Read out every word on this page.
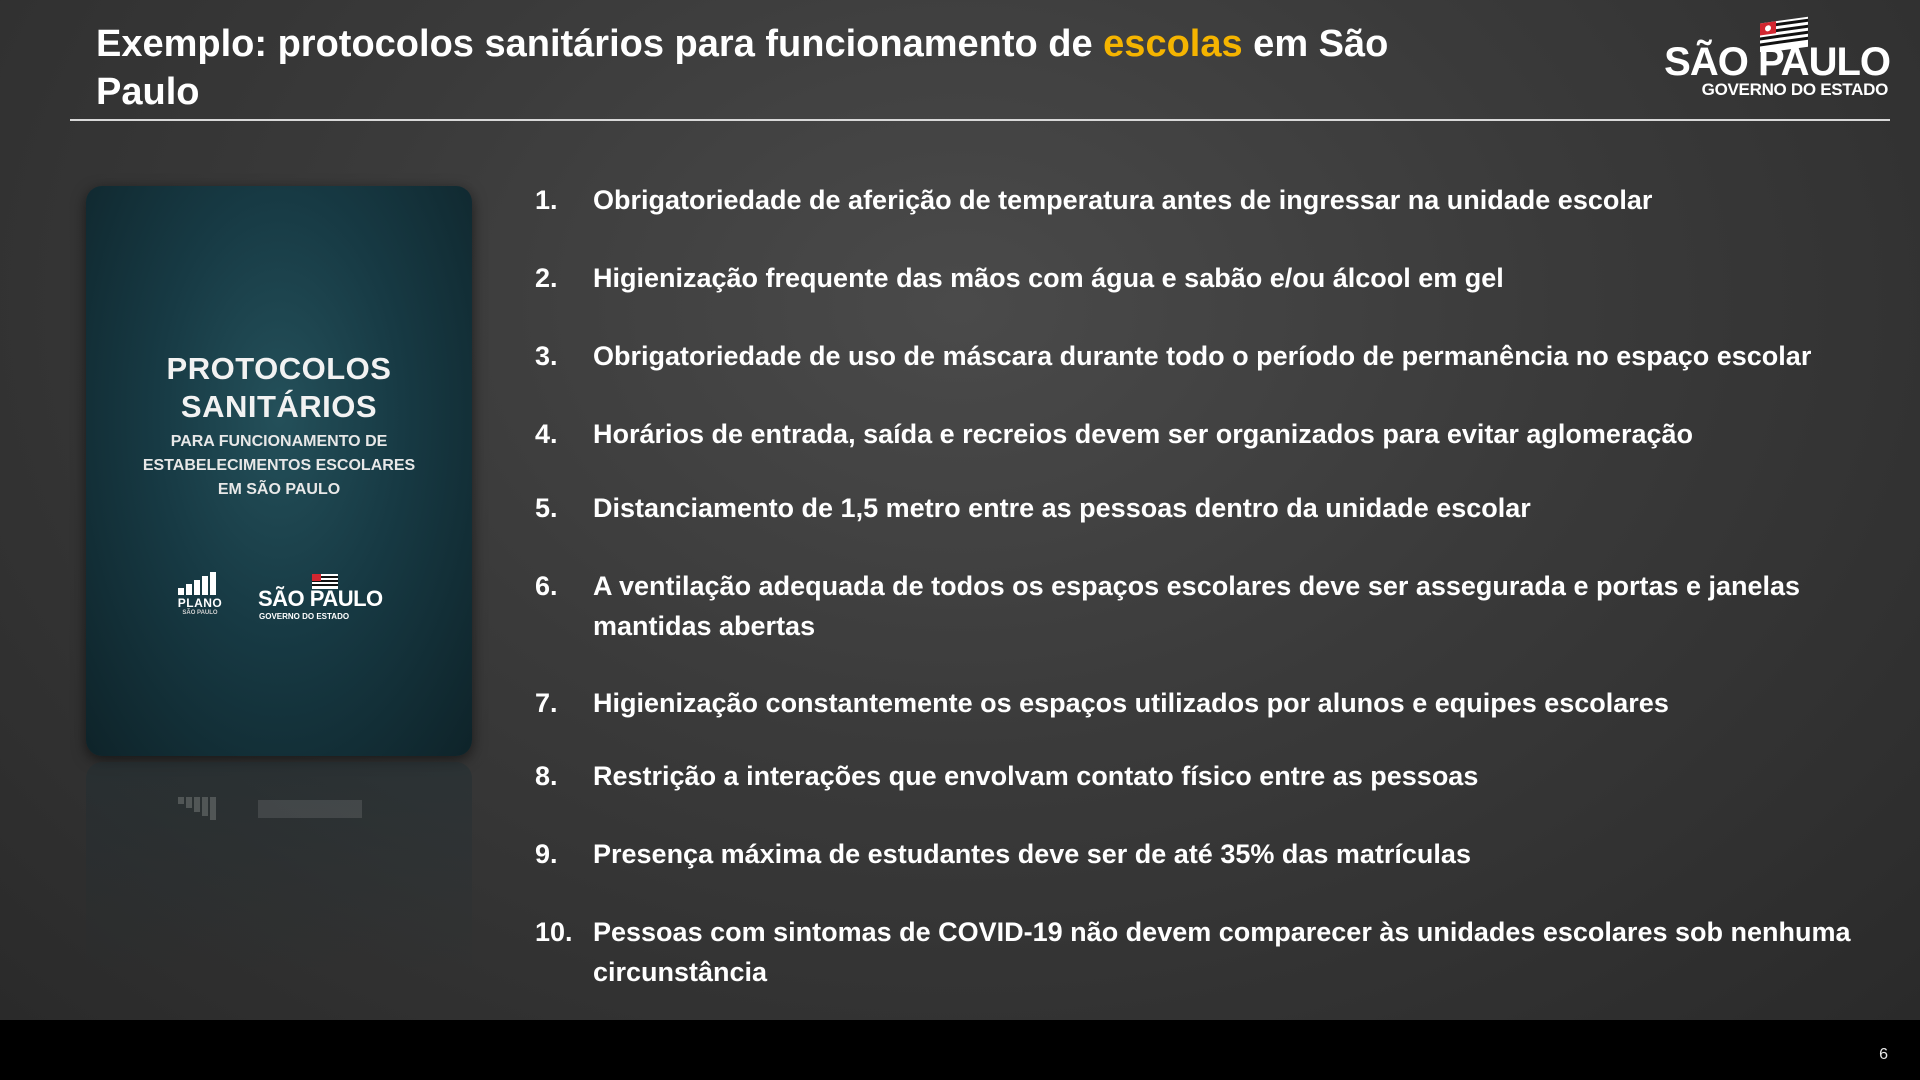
Exemplo: protocolos sanitários para funcionamento de escolas em São Paulo
SÃO PAULO
GOVERNO DO ESTADO
PROTOCOLOS
SANITÁRIOS
PARA FUNCIONAMENTO DE
ESTABELECIMENTOS ESCOLARES
EM SÃO PAULO
PLANO
SÃO PAULO
SÃO PAULO
GOVERNO DO ESTADO
1.	Obrigatoriedade de aferição de temperatura antes de ingressar na unidade escolar
2.	Higienização frequente das mãos com água e sabão e/ou álcool em gel
3.	Obrigatoriedade de uso de máscara durante todo o período de permanência no espaço escolar
4.	Horários de entrada, saída e recreios devem ser organizados para evitar aglomeração
5.	Distanciamento de 1,5 metro entre as pessoas dentro da unidade escolar
6.	A ventilação adequada de todos os espaços escolares deve ser assegurada e portas e janelas mantidas abertas
7.	Higienização constantemente os espaços utilizados por alunos e equipes escolares
8.	Restrição a interações que envolvam contato físico entre as pessoas
9.	Presença máxima de estudantes deve ser de até 35% das matrículas
10. Pessoas com sintomas de COVID-19 não devem comparecer às unidades escolares sob nenhuma circunstância
6
